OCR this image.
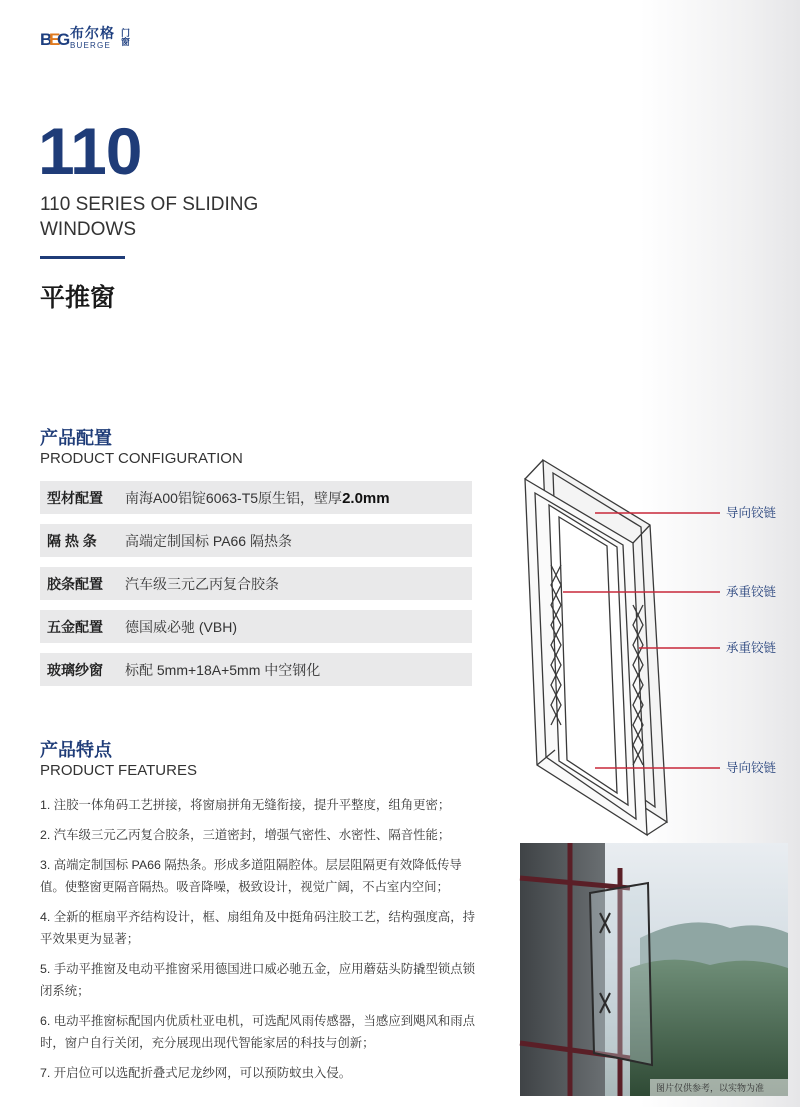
B
E
G 布尔格
BUERGE
门窗
110
110 SERIES OF SLIDING WINDOWS
平推窗
产品配置
PRODUCT CONFIGURATION
型材配置	南海A00铝锭6063-T5原生铝，壁厚2.0mm
隔 热 条	高端定制国标 PA66 隔热条
胶条配置	汽车级三元乙丙复合胶条
五金配置	德国威必驰 (VBH)
玻璃纱窗	标配 5mm+18A+5mm 中空钢化
产品特点
PRODUCT FEATURES
1. 注胶一体角码工艺拼接，将窗扇拼角无缝衔接，提升平整度，组角更密；
2. 汽车级三元乙丙复合胶条，三道密封，增强气密性、水密性、隔音性能；
3. 高端定制国标 PA66 隔热条。形成多道阻隔腔体。层层阻隔更有效降低传导值。使整窗更隔音隔热。吸音降噪，极致设计，视觉广阔，不占室内空间；
4. 全新的框扇平齐结构设计，框、扇组角及中挺角码注胶工艺，结构强度高，持平效果更为显著；
5. 手动平推窗及电动平推窗采用德国进口威必驰五金，应用蘑菇头防撬型锁点锁闭系统；
6. 电动平推窗标配国内优质杜亚电机，可选配风雨传感器，当感应到飓风和雨点时，窗户自行关闭，充分展现出现代智能家居的科技与创新；
7. 开启位可以选配折叠式尼龙纱网，可以预防蚊虫入侵。
导向铰链
承重铰链
承重铰链
导向铰链
图片仅供参考，以实物为准
